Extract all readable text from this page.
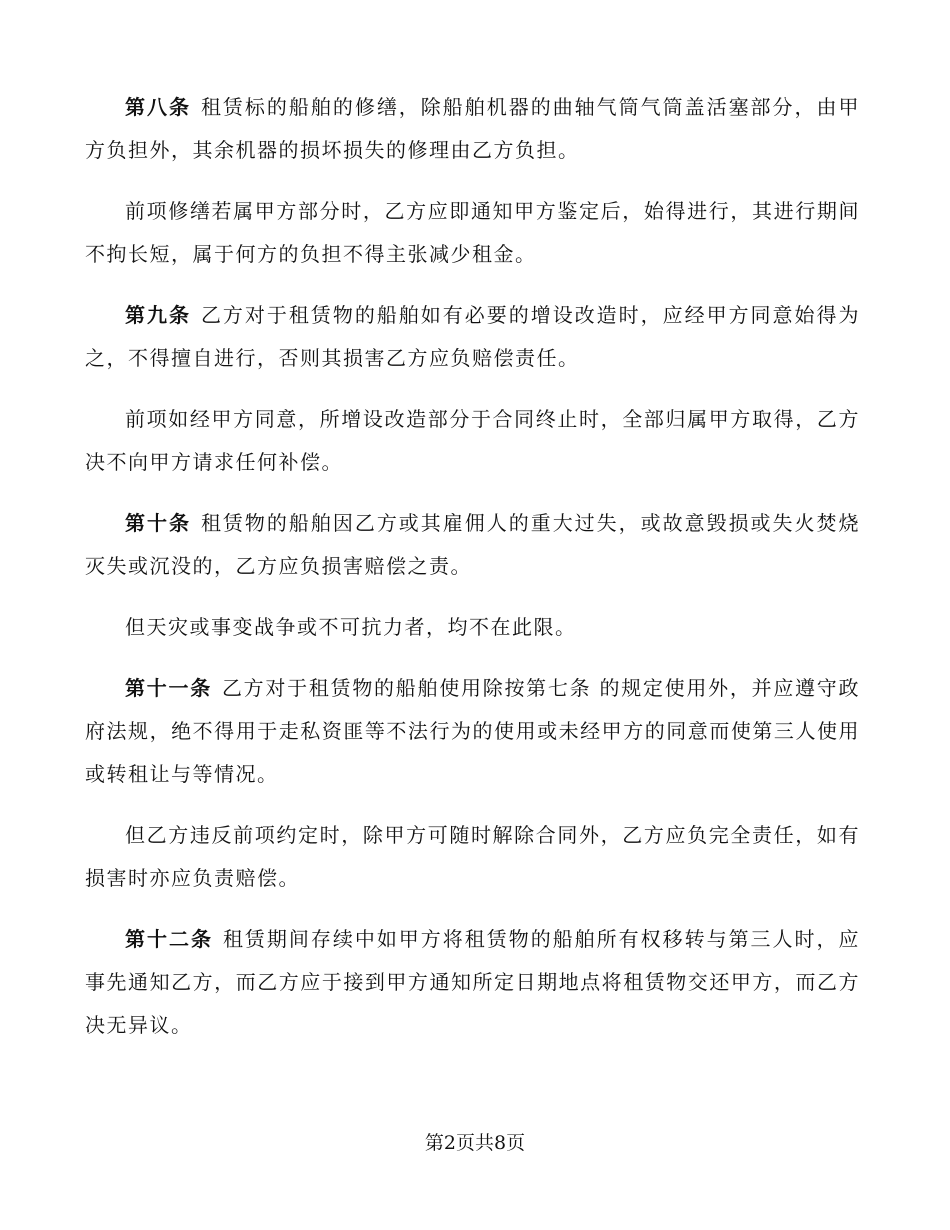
第八条 租赁标的船舶的修缮，除船舶机器的曲轴气筒气筒盖活塞部分，由甲方负担外，其余机器的损坏损失的修理由乙方负担。

前项修缮若属甲方部分时，乙方应即通知甲方鉴定后，始得进行，其进行期间不拘长短，属于何方的负担不得主张减少租金。

第九条 乙方对于租赁物的船舶如有必要的增设改造时，应经甲方同意始得为之，不得擅自进行，否则其损害乙方应负赔偿责任。

前项如经甲方同意，所增设改造部分于合同终止时，全部归属甲方取得，乙方决不向甲方请求任何补偿。

第十条 租赁物的船舶因乙方或其雇佣人的重大过失，或故意毁损或失火焚烧灭失或沉没的，乙方应负损害赔偿之责。

但天灾或事变战争或不可抗力者，均不在此限。

第十一条 乙方对于租赁物的船舶使用除按第七条 的规定使用外，并应遵守政府法规，绝不得用于走私资匪等不法行为的使用或未经甲方的同意而使第三人使用或转租让与等情况。

但乙方违反前项约定时，除甲方可随时解除合同外，乙方应负完全责任，如有损害时亦应负责赔偿。

第十二条 租赁期间存续中如甲方将租赁物的船舶所有权移转与第三人时，应事先通知乙方，而乙方应于接到甲方通知所定日期地点将租赁物交还甲方，而乙方决无异议。

第2页共8页
